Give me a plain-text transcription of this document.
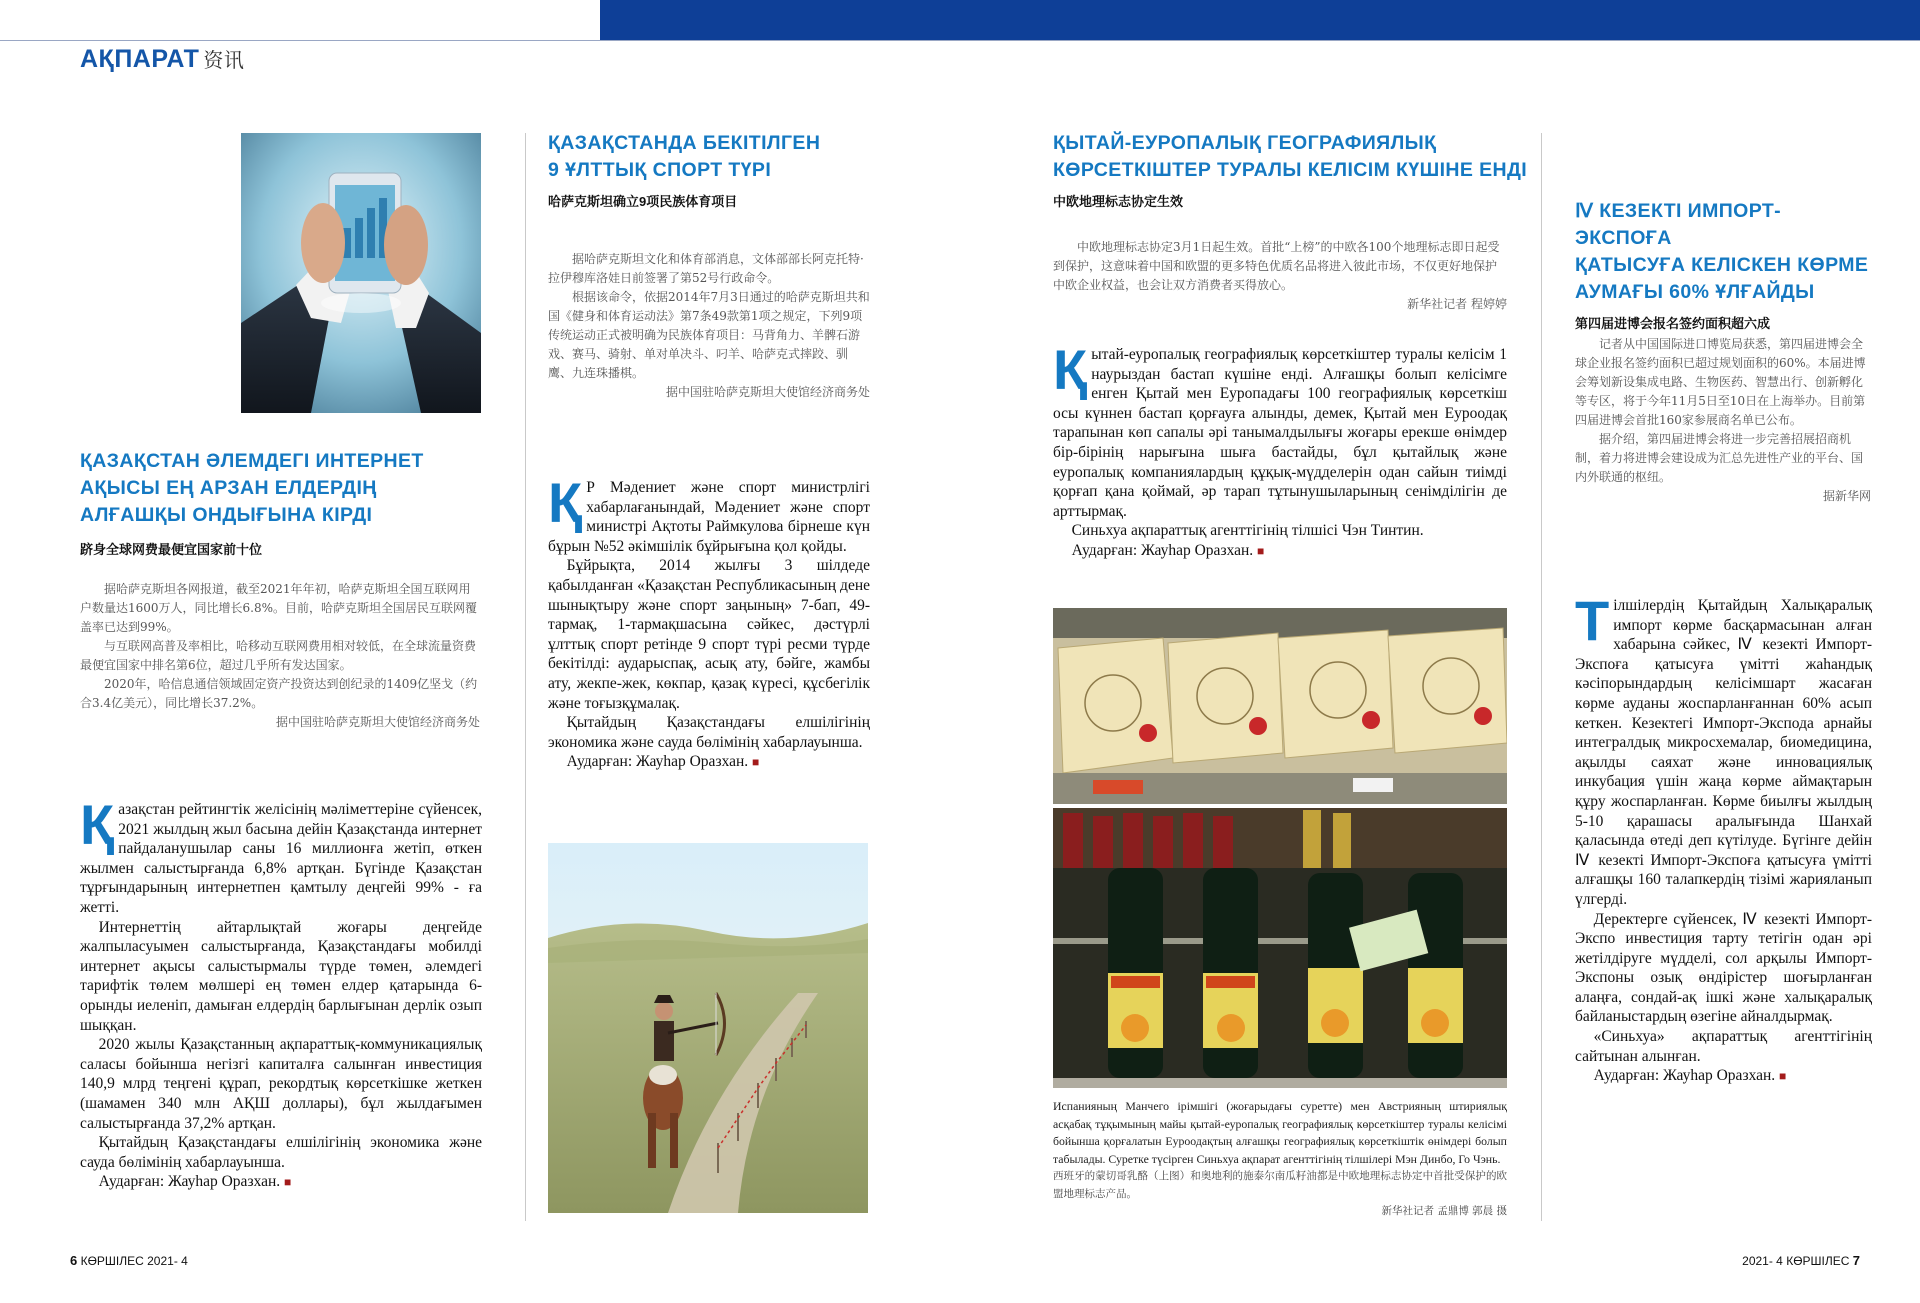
АҚПАРАТ 资讯
ҚАЗАҚСТАН ӘЛЕМДЕГІ ИНТЕРНЕТ АҚЫСЫ ЕҢ АРЗАН ЕЛДЕРДІҢ АЛҒАШҚЫ ОНДЫҒЫНА КІРДІ

跻身全球网费最便宜国家前十位

据哈萨克斯坦各网报道，截至2021年年初，哈萨克斯坦全国互联网用户数量达1600万人，同比增长6.8%。目前，哈萨克斯坦全国居民互联网覆盖率已达到99%。

与互联网高普及率相比，哈移动互联网费用相对较低，在全球流量资费最便宜国家中排名第6位，超过几乎所有发达国家。

2020年，哈信息通信领域固定资产投资达到创纪录的1409亿坚戈（约合3.4亿美元），同比增长37.2%。

据中国驻哈萨克斯坦大使馆经济商务处

Қазақстан рейтингтік желісінің мәліметтеріне сүйенсек, 2021 жылдың жыл басына дейін Қазақстанда интернет пайдаланушылар саны 16 миллионға жетіп, өткен жылмен салыстырғанда 6,8% артқан. Бүгінде Қазақстан тұрғындарының интернетпен қамтылу деңгейі 99% - ға жетті.

Интернеттің айтарлықтай жоғары деңгейде жалпыласуымен салыстырғанда, Қазақстандағы мобилді интернет ақысы салыстырмалы түрде төмен, әлемдегі тарифтік төлем мөлшері ең төмен елдер қатарында 6-орынды иеленіп, дамыған елдердің барлығынан дерлік озып шыққан.

2020 жылы Қазақстанның ақпараттық-коммуникациялық саласы бойынша негізгі капиталға салынған инвестиция 140,9 млрд теңгені құрап, рекордтық көрсеткішке жеткен (шамамен 340 млн АҚШ доллары), бұл жылдағымен салыстырғанда 37,2% артқан.

Қытайдың Қазақстандағы елшілігінің экономика және сауда бөлімінің хабарлауынша.

Аударған: Жауһар Оразхан. ■

ҚАЗАҚСТАНДА БЕКІТІЛГЕН
9 ҰЛТТЫҚ СПОРТ ТҮРІ

哈萨克斯坦确立9项民族体育项目

据哈萨克斯坦文化和体育部消息，文体部部长阿克托特·拉伊穆库洛娃日前签署了第52号行政命令。

根据该命令，依据2014年7月3日通过的哈萨克斯坦共和国《健身和体育运动法》第7条49款第1项之规定，下列9项传统运动正式被明确为民族体育项目：马背角力、羊髀石游戏、赛马、骑射、单对单决斗、叼羊、哈萨克式摔跤、驯鹰、九连珠播棋。

据中国驻哈萨克斯坦大使馆经济商务处

Қ Р Мәдениет және спорт министрлігі хабарлағанындай, Мәдениет және спорт министрі Ақтоты Раймкулова бірнеше күн бұрын №52 әкімшілік бұйрығына қол қойды.

Бұйрықта, 2014 жылғы 3 шілдеде қабылданған «Қазақстан Республикасының дене шынықтыру және спорт заңының» 7-бап, 49-тармақ, 1-тармақшасына сәйкес, дәстүрлі ұлттық спорт ретінде 9 спорт түрі ресми түрде бекітілді: аударыспақ, асық ату, бәйге, жамбы ату, жекпе-жек, көкпар, қазақ күресі, құсбегілік және тоғызқұмалақ.

Қытайдың Қазақстандағы елшілігінің экономика және сауда бөлімінің хабарлауынша.

Аударған: Жауһар Оразхан. ■

ҚЫТАЙ-ЕУРОПАЛЫҚ ГЕОГРАФИЯЛЫҚ
КӨРСЕТКІШТЕР ТУРАЛЫ КЕЛІСІМ КҮШІНЕ ЕНДІ

中欧地理标志协定生效

中欧地理标志协定3月1日起生效。首批“上榜”的中欧各100个地理标志即日起受到保护，这意味着中国和欧盟的更多特色优质名品将进入彼此市场，不仅更好地保护中欧企业权益，也会让双方消费者买得放心。

新华社记者 程婷婷

Қытай-еуропалық географиялық көрсеткіштер туралы келісім 1 наурыздан бастап күшіне енді. Алғашқы болып келісімге енген Қытай мен Еуропадағы 100 географиялық көрсеткіш осы күннен бастап қорғауға алынды, демек, Қытай мен Еуроодақ тарапынан көп сапалы әрі танымалдылығы жоғары ерекше өнімдер бір-бірінің нарығына шыға бастайды, бұл қытайлық және еуропалық компаниялардың құқық-мүдделерін одан сайын тиімді қорғап қана қоймай, әр тарап тұтынушыларының сенімділігін де арттырмақ.

Синьхуа ақпараттық агенттігінің тілшісі Чэн Тинтин.

Аударған: Жауһар Оразхан. ■

Испанияның Манчего ірімшігі (жоғарыдағы суретте) мен Австрияның штириялық асқабақ тұқымының майы қытай-еуропалық географиялық көрсеткіштер туралы келісімі бойынша қорғалатын Еуроодақтың алғашқы географиялық көрсеткіштік өнімдері болып табылады. Суретке түсірген Синьхуа ақпарат агенттігінің тілшілері Мэн Динбо, Го Чэнь.

西班牙的蒙切哥乳酪（上图）和奥地利的施泰尔南瓜籽油都是中欧地理标志协定中首批受保护的欧盟地理标志产品。

新华社记者 孟鼎博 郭晨 摄

Ⅳ КЕЗЕКТІ ИМПОРТ-ЭКСПОҒА
ҚАТЫСУҒА КЕЛІСКЕН КӨРМЕ
АУМАҒЫ 60% ҰЛҒАЙДЫ

第四届进博会报名签约面积超六成

记者从中国国际进口博览局获悉，第四届进博会全球企业报名签约面积已超过规划面积的60%。本届进博会筹划新设集成电路、生物医药、智慧出行、创新孵化等专区，将于今年11月5日至10日在上海举办。目前第四届进博会首批160家参展商名单已公布。

据介绍，第四届进博会将进一步完善招展招商机制，着力将进博会建设成为汇总先进性产业的平台、国内外联通的枢纽。

据新华网

Тілшілердің Қытайдың Халықаралық импорт көрме басқармасынан алған хабарына сәйкес, Ⅳ кезекті Импорт-Экспоға қатысуға үмітті жаһандық кәсіпорындардың келісімшарт жасаған көрме ауданы жоспарланғаннан 60% асып кеткен. Кезектегі Импорт-Экспода арнайы интегралдық микросхемалар, биомедицина, ақылды саяхат және инновациялық инкубация үшін жаңа көрме аймақтарын құру жоспарланған. Көрме биылғы жылдың 5-10 қарашасы аралығында Шанхай қаласында өтеді деп күтілуде. Бүгінге дейін Ⅳ кезекті Импорт-Экспоға қатысуға үмітті алғашқы 160 талапкердің тізімі жарияланып үлгерді.

Деректерге сүйенсек, Ⅳ кезекті Импорт-Экспо инвестиция тарту тетігін одан әрі жетілдіруге мүдделі, сол арқылы Импорт-Экспоны озық өндірістер шоғырланған алаңға, сондай-ақ ішкі және халықаралық байланыстардың өзегіне айналдырмақ.

«Синьхуа» ақпараттық агенттігінің сайтынан алынған.

Аударған: Жауһар Оразхан. ■

6 КӨРШІЛЕС 2021- 4	2021- 4 КӨРШІЛЕС 7
